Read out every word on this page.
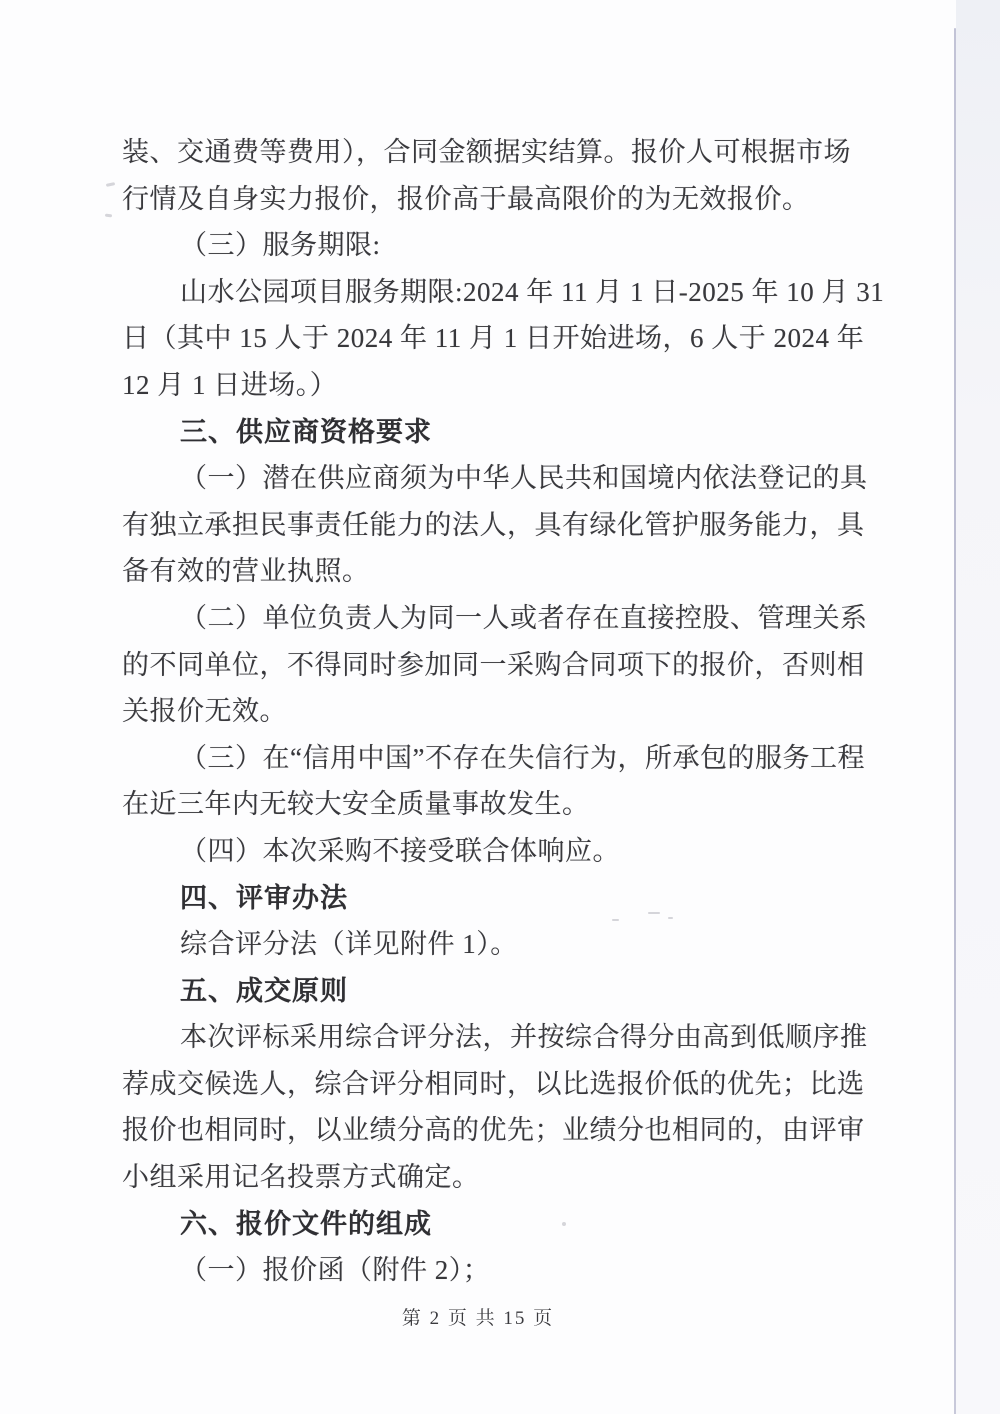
装、交通费等费用），合同金额据实结算。报价人可根据市场
行情及自身实力报价，报价高于最高限价的为无效报价。
（三）服务期限:
山水公园项目服务期限:2024 年 11 月 1 日-2025 年 10 月 31
日（其中 15 人于 2024 年 11 月 1 日开始进场，6 人于 2024 年
12 月 1 日进场。）
三、供应商资格要求
（一）潜在供应商须为中华人民共和国境内依法登记的具
有独立承担民事责任能力的法人，具有绿化管护服务能力，具
备有效的营业执照。
（二）单位负责人为同一人或者存在直接控股、管理关系
的不同单位，不得同时参加同一采购合同项下的报价，否则相
关报价无效。
（三）在“信用中国”不存在失信行为，所承包的服务工程
在近三年内无较大安全质量事故发生。
（四）本次采购不接受联合体响应。
四、评审办法
综合评分法（详见附件 1）。
五、成交原则
本次评标采用综合评分法，并按综合得分由高到低顺序推
荐成交候选人，综合评分相同时，以比选报价低的优先；比选
报价也相同时，以业绩分高的优先；业绩分也相同的，由评审
小组采用记名投票方式确定。
六、报价文件的组成
（一）报价函（附件 2）；
第 2 页 共 15 页
